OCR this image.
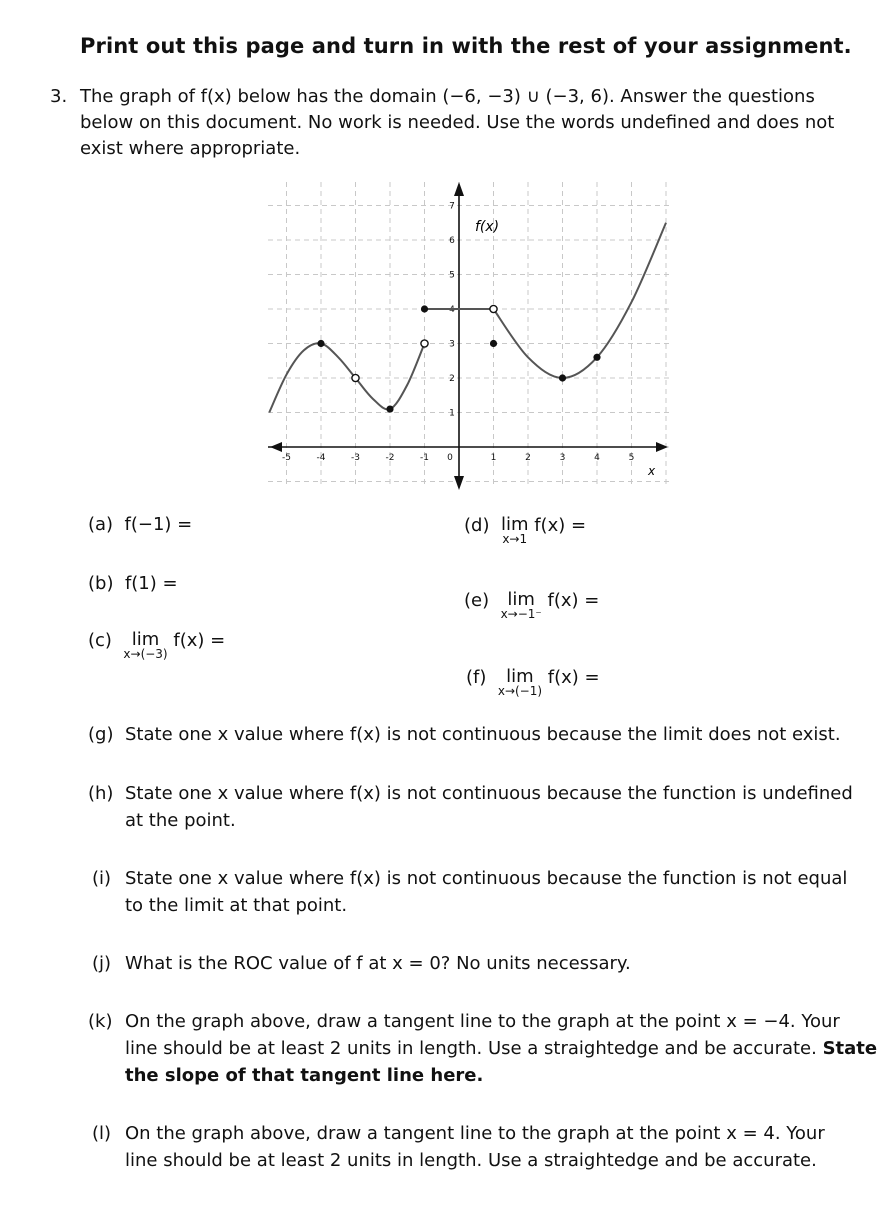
Print out this page and turn in with the rest of your assignment.
3. The graph of f(x) below has the domain (−6, −3) ∪ (−3, 6). Answer the questions
below on this document. No work is needed. Use the words undefined and does not
exist where appropriate.
-5	-4	-3	-2	-1 0	1	2	3	4	5
1
2
3
4
5
6
7
f(x)
x
(a) f(−1) =
(b) f(1) =
(c)	lim
x→(−3)
f(x) =
(d) lim
x→1
f(x) =
(e)	lim
x→−1⁻
f(x) =
(f)	lim
x→(−1)
f(x) =
(g) State one x value where f(x) is not continuous because the limit does not exist.
(h) State one x value where f(x) is not continuous because the function is undefined
at the point.
(i) State one x value where f(x) is not continuous because the function is not equal
to the limit at that point.
(j) What is the ROC value of f at x = 0? No units necessary.
(k) On the graph above, draw a tangent line to the graph at the point x = −4. Your
line should be at least 2 units in length. Use a straightedge and be accurate. State
the slope of that tangent line here.
(l) On the graph above, draw a tangent line to the graph at the point x = 4. Your
line should be at least 2 units in length. Use a straightedge and be accurate.
